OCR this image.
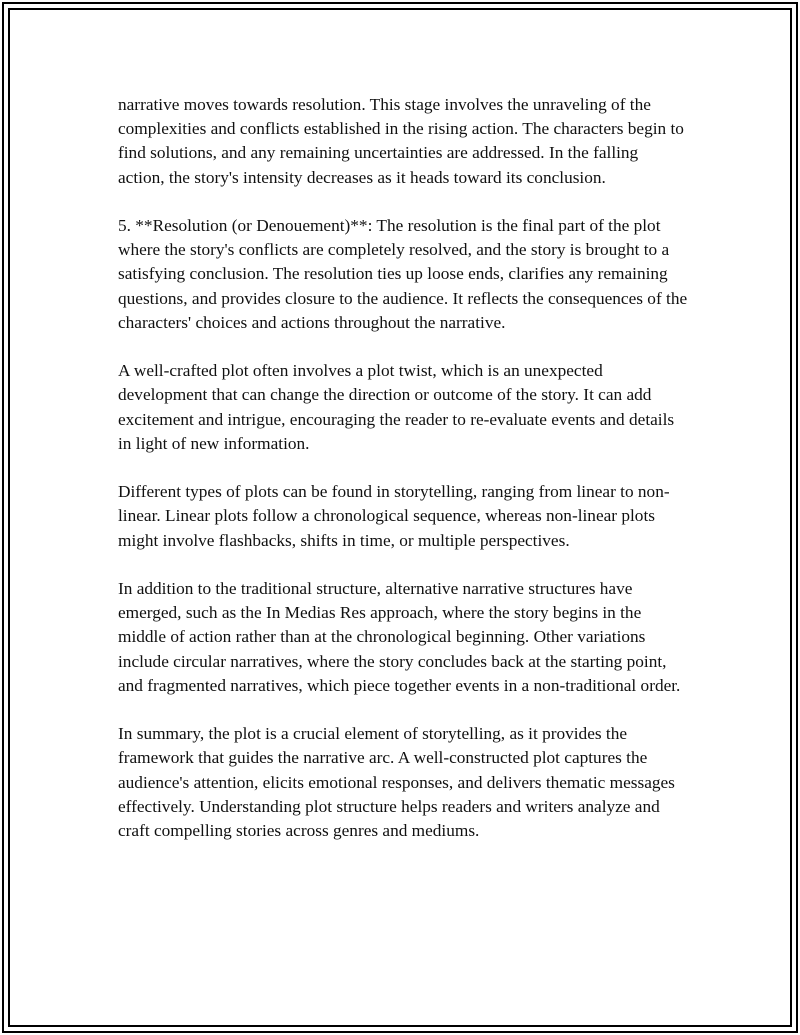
narrative moves towards resolution. This stage involves the unraveling of the complexities and conflicts established in the rising action. The characters begin to find solutions, and any remaining uncertainties are addressed. In the falling action, the story's intensity decreases as it heads toward its conclusion.

5. **Resolution (or Denouement)**: The resolution is the final part of the plot where the story's conflicts are completely resolved, and the story is brought to a satisfying conclusion. The resolution ties up loose ends, clarifies any remaining questions, and provides closure to the audience. It reflects the consequences of the characters' choices and actions throughout the narrative.

A well-crafted plot often involves a plot twist, which is an unexpected development that can change the direction or outcome of the story. It can add excitement and intrigue, encouraging the reader to re-evaluate events and details in light of new information.

Different types of plots can be found in storytelling, ranging from linear to non-linear. Linear plots follow a chronological sequence, whereas non-linear plots might involve flashbacks, shifts in time, or multiple perspectives.

In addition to the traditional structure, alternative narrative structures have emerged, such as the In Medias Res approach, where the story begins in the middle of action rather than at the chronological beginning. Other variations include circular narratives, where the story concludes back at the starting point, and fragmented narratives, which piece together events in a non-traditional order.

In summary, the plot is a crucial element of storytelling, as it provides the framework that guides the narrative arc. A well-constructed plot captures the audience's attention, elicits emotional responses, and delivers thematic messages effectively. Understanding plot structure helps readers and writers analyze and craft compelling stories across genres and mediums.
